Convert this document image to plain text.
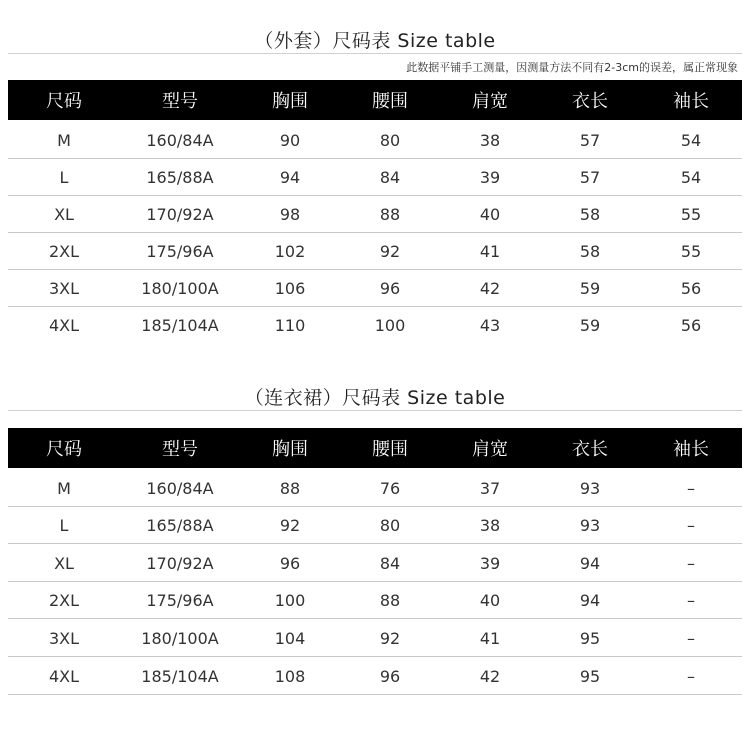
（外套）尺码表 Size table
此数据平铺手工测量，因测量方法不同有2-3cm的误差，属正常现象
尺码	型号	胸围	腰围	肩宽	衣长	袖长
M	160/84A	90	80	38	57	54
L	165/88A	94	84	39	57	54
XL	170/92A	98	88	40	58	55
2XL	175/96A	102	92	41	58	55
3XL	180/100A	106	96	42	59	56
4XL	185/104A	110	100	43	59	56
（连衣裙）尺码表 Size table
尺码	型号	胸围	腰围	肩宽	衣长	袖长
M	160/84A	88	76	37	93	–
L	165/88A	92	80	38	93	–
XL	170/92A	96	84	39	94	–
2XL	175/96A	100	88	40	94	–
3XL	180/100A	104	92	41	95	–
4XL	185/104A	108	96	42	95	–
